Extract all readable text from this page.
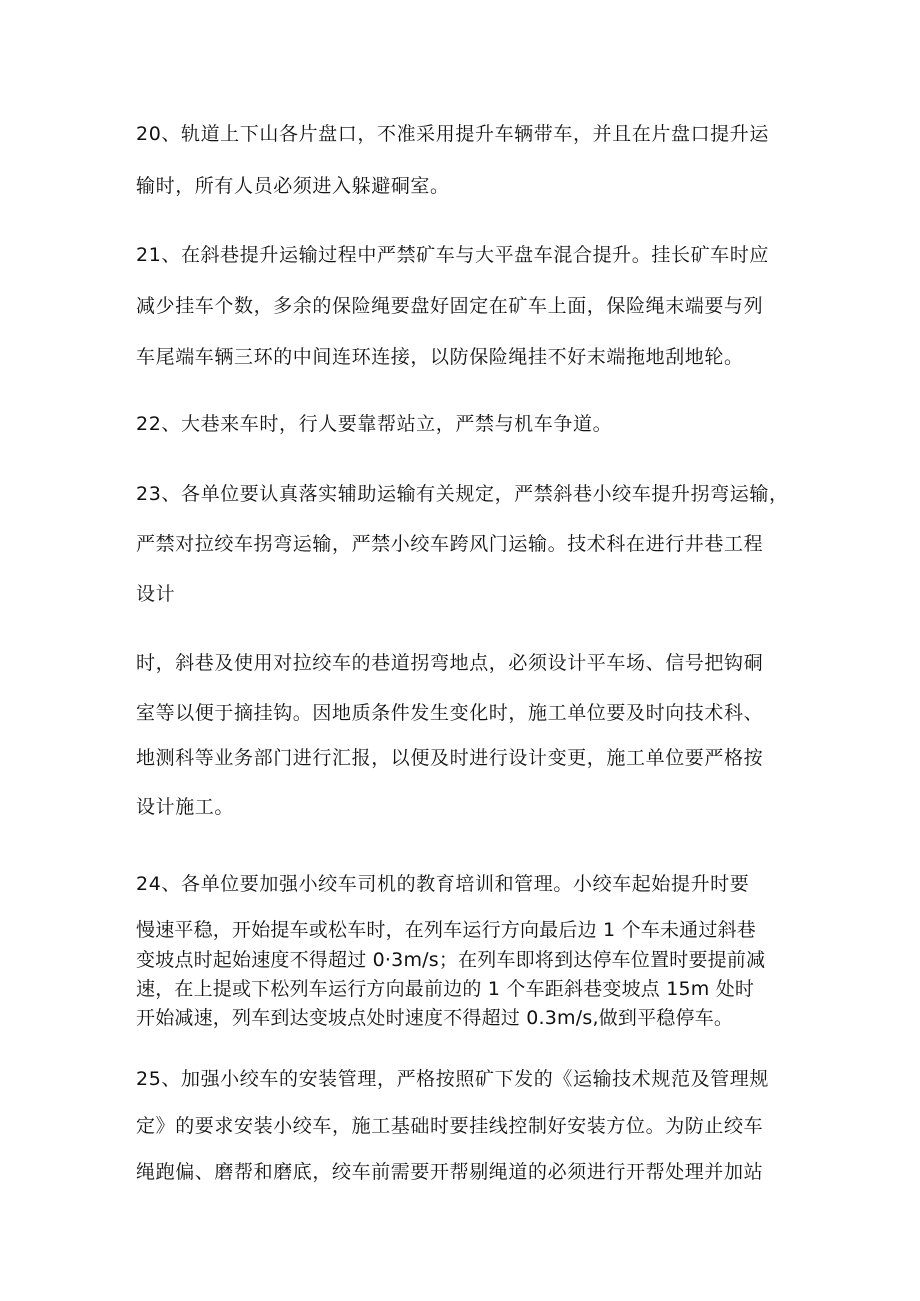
20、轨道上下山各片盘口，不准采用提升车辆带车，并且在片盘口提升运
输时，所有人员必须进入躲避硐室。
21、在斜巷提升运输过程中严禁矿车与大平盘车混合提升。挂长矿车时应
减少挂车个数，多余的保险绳要盘好固定在矿车上面，保险绳末端要与列
车尾端车辆三环的中间连环连接，以防保险绳挂不好末端拖地刮地轮。
22、大巷来车时，行人要靠帮站立，严禁与机车争道。
23、各单位要认真落实辅助运输有关规定，严禁斜巷小绞车提升拐弯运输，
严禁对拉绞车拐弯运输，严禁小绞车跨风门运输。技术科在进行井巷工程
设计
时，斜巷及使用对拉绞车的巷道拐弯地点，必须设计平车场、信号把钩硐
室等以便于摘挂钩。因地质条件发生变化时，施工单位要及时向技术科、
地测科等业务部门进行汇报，以便及时进行设计变更，施工单位要严格按
设计施工。
24、各单位要加强小绞车司机的教育培训和管理。小绞车起始提升时要
慢速平稳，开始提车或松车时，在列车运行方向最后边 1 个车未通过斜巷
变坡点时起始速度不得超过 0·3m∕s；在列车即将到达停车位置时要提前减
速，在上提或下松列车运行方向最前边的 1 个车距斜巷变坡点 15m 处时
开始减速，列车到达变坡点处时速度不得超过 0.3m∕s,做到平稳停车。
25、加强小绞车的安装管理，严格按照矿下发的《运输技术规范及管理规
定》的要求安装小绞车，施工基础时要挂线控制好安装方位。为防止绞车
绳跑偏、磨帮和磨底，绞车前需要开帮剔绳道的必须进行开帮处理并加站
